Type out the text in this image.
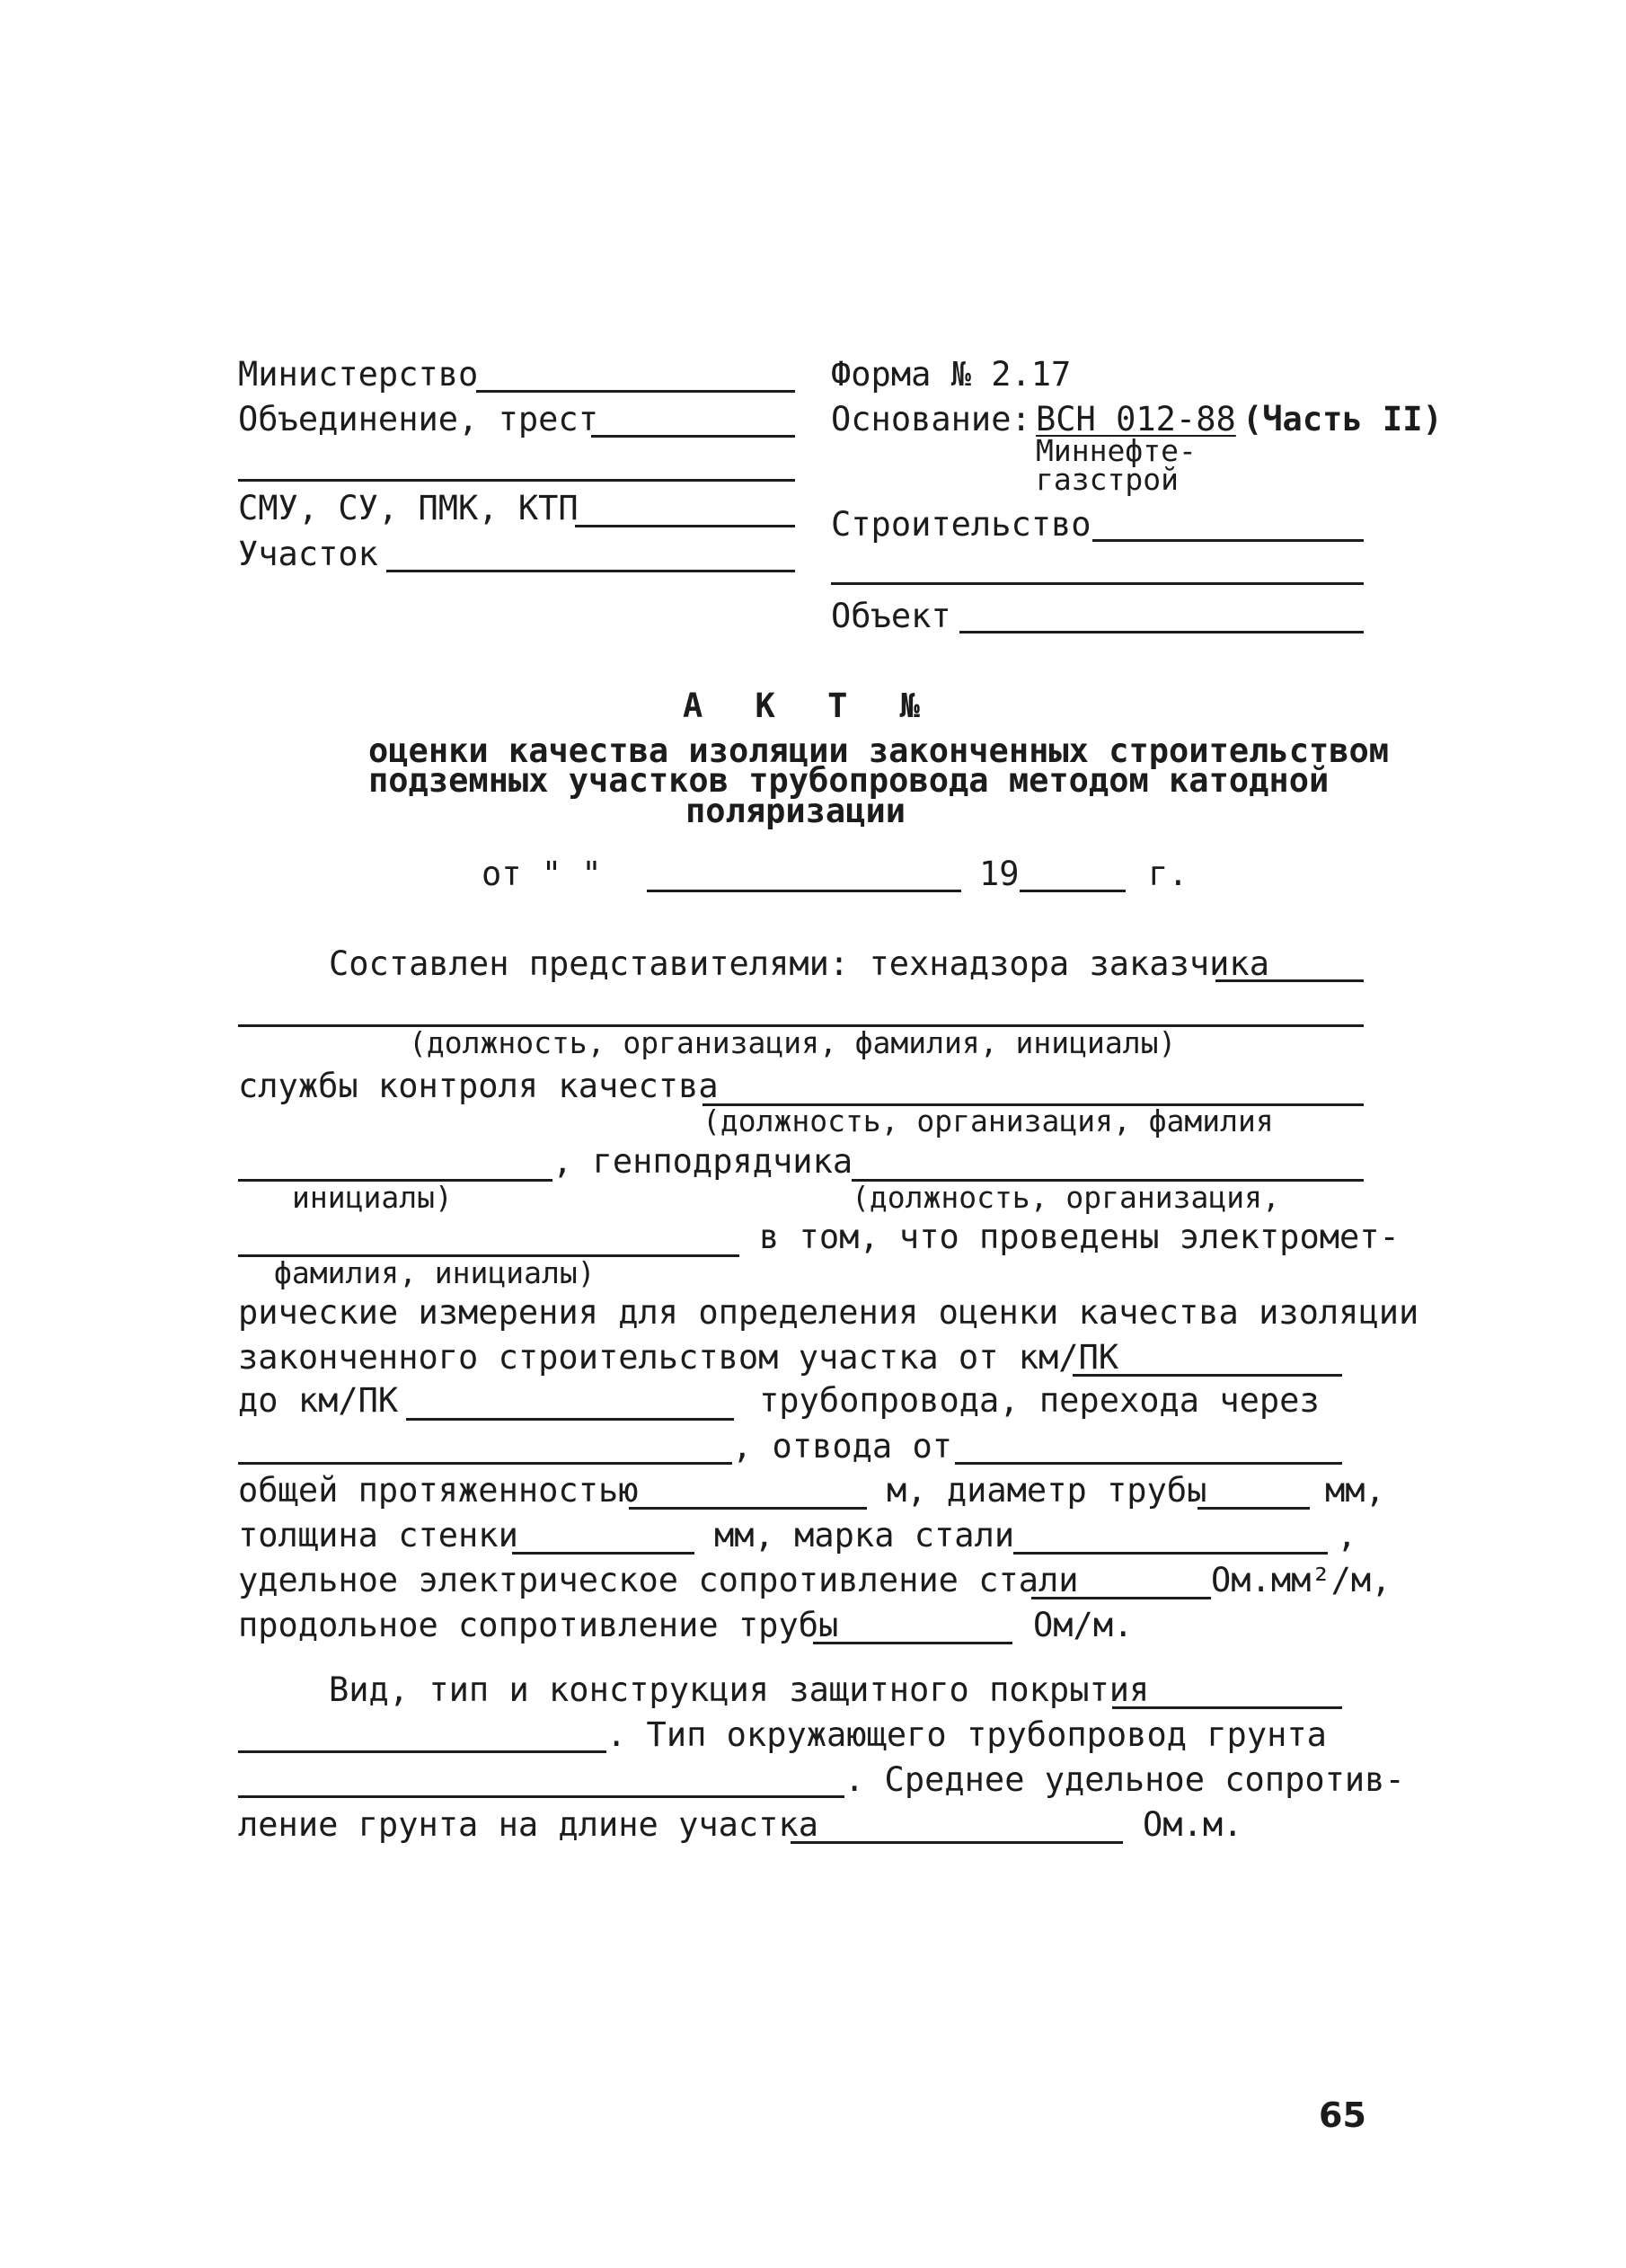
Министерство
Объединение, трест
СМУ, СУ, ПМК, КТП
Участок
Форма № 2.17
Основание: ВСН 012-88 (Часть II)
Миннефте-
газстрой
Строительство
Объект
А К Т №
оценки качества изоляции законченных строительством
подземных участков трубопровода методом катодной
поляризации
от " "	19	г.
Составлен представителями: технадзора заказчика
(должность, организация, фамилия, инициалы)
службы контроля качества
(должность, организация, фамилия
инициалы)
, генподрядчика
(должность, организация,
фамилия, инициалы)
в том, что проведены электромет-
рические измерения для определения оценки качества изоляции
законченного строительством участка от км/ПК
до км/ПК	трубопровода, перехода через
, отвода от
общей протяженностью	м, диаметр трубы	мм,
толщина стенки	мм, марка стали	,
удельное электрическое сопротивление стали	Ом.мм²/м,
продольное сопротивление трубы	Ом/м.
Вид, тип и конструкция защитного покрытия
. Тип окружающего трубопровод грунта
. Среднее удельное сопротив-
ление грунта на длине участка	Ом.м.
65
